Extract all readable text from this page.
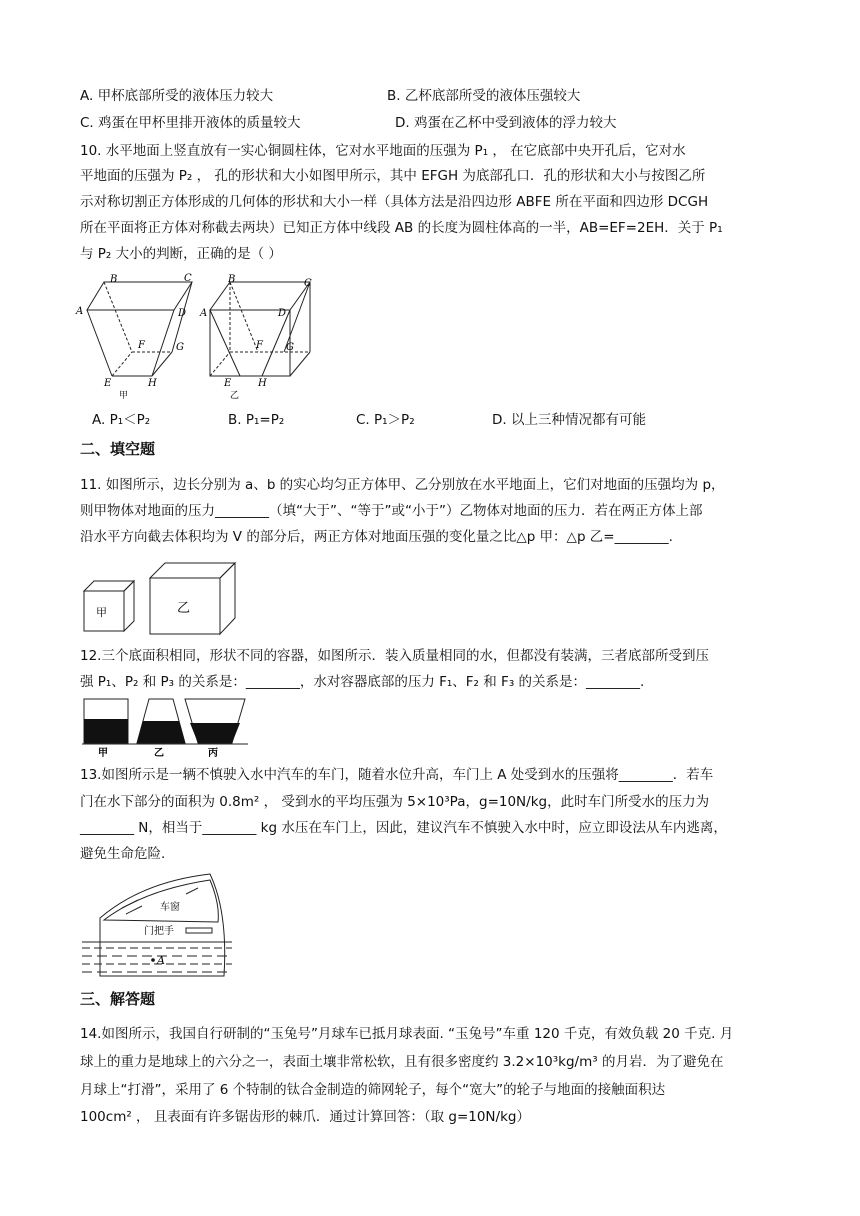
A. 甲杯底部所受的液体压力较大	B. 乙杯底部所受的液体压强较大
C. 鸡蛋在甲杯里排开液体的质量较大	D. 鸡蛋在乙杯中受到液体的浮力较大
10. 水平地面上竖直放有一实心铜圆柱体，它对水平地面的压强为 P₁ ， 在它底部中央开孔后，它对水
平地面的压强为 P₂ ， 孔的形状和大小如图甲所示，其中 EFGH 为底部孔口．孔的形状和大小与按图乙所
示对称切割正方体形成的几何体的形状和大小一样（具体方法是沿四边形 ABFE 所在平面和四边形 DCGH
所在平面将正方体对称截去两块）已知正方体中线段 AB 的长度为圆柱体高的一半，AB=EF=2EH．关于 P₁
与 P₂ 大小的判断，正确的是（ ）
B	C
A	D
F	G
E	H
甲
B	C
A	D
F G
E	H
乙
A. P₁＜P₂	B. P₁=P₂	C. P₁＞P₂	D. 以上三种情况都有可能
二、填空题
11. 如图所示，边长分别为 a、b 的实心均匀正方体甲、乙分别放在水平地面上，它们对地面的压强均为 p，
则甲物体对地面的压力________（填“大于”、“等于”或“小于”）乙物体对地面的压力．若在两正方体上部
沿水平方向截去体积均为 V 的部分后，两正方体对地面压强的变化量之比△p 甲：△p 乙=________.
甲	乙
12.三个底面积相同，形状不同的容器，如图所示．装入质量相同的水，但都没有装满，三者底部所受到压
强 P₁、P₂ 和 P₃ 的关系是：________，水对容器底部的压力 F₁、F₂ 和 F₃ 的关系是：________.
甲	乙	丙
13.如图所示是一辆不慎驶入水中汽车的车门，随着水位升高，车门上 A 处受到水的压强将________．若车
门在水下部分的面积为 0.8m² ， 受到水的平均压强为 5×10³Pa，g=10N/kg，此时车门所受水的压力为
________ N，相当于________ kg 水压在车门上，因此，建议汽车不慎驶入水中时，应立即设法从车内逃离，
避免生命危险.
车窗
门把手
A
三、解答题
14.如图所示，我国自行研制的“玉兔号”月球车已抵月球表面. “玉兔号”车重 120 千克，有效负载 20 千克. 月
球上的重力是地球上的六分之一，表面土壤非常松软，且有很多密度约 3.2×10³kg/m³ 的月岩．为了避免在
月球上“打滑”，采用了 6 个特制的钛合金制造的筛网轮子，每个“宽大”的轮子与地面的接触面积达
100cm² ， 且表面有许多锯齿形的棘爪．通过计算回答：（取 g=10N/kg）
